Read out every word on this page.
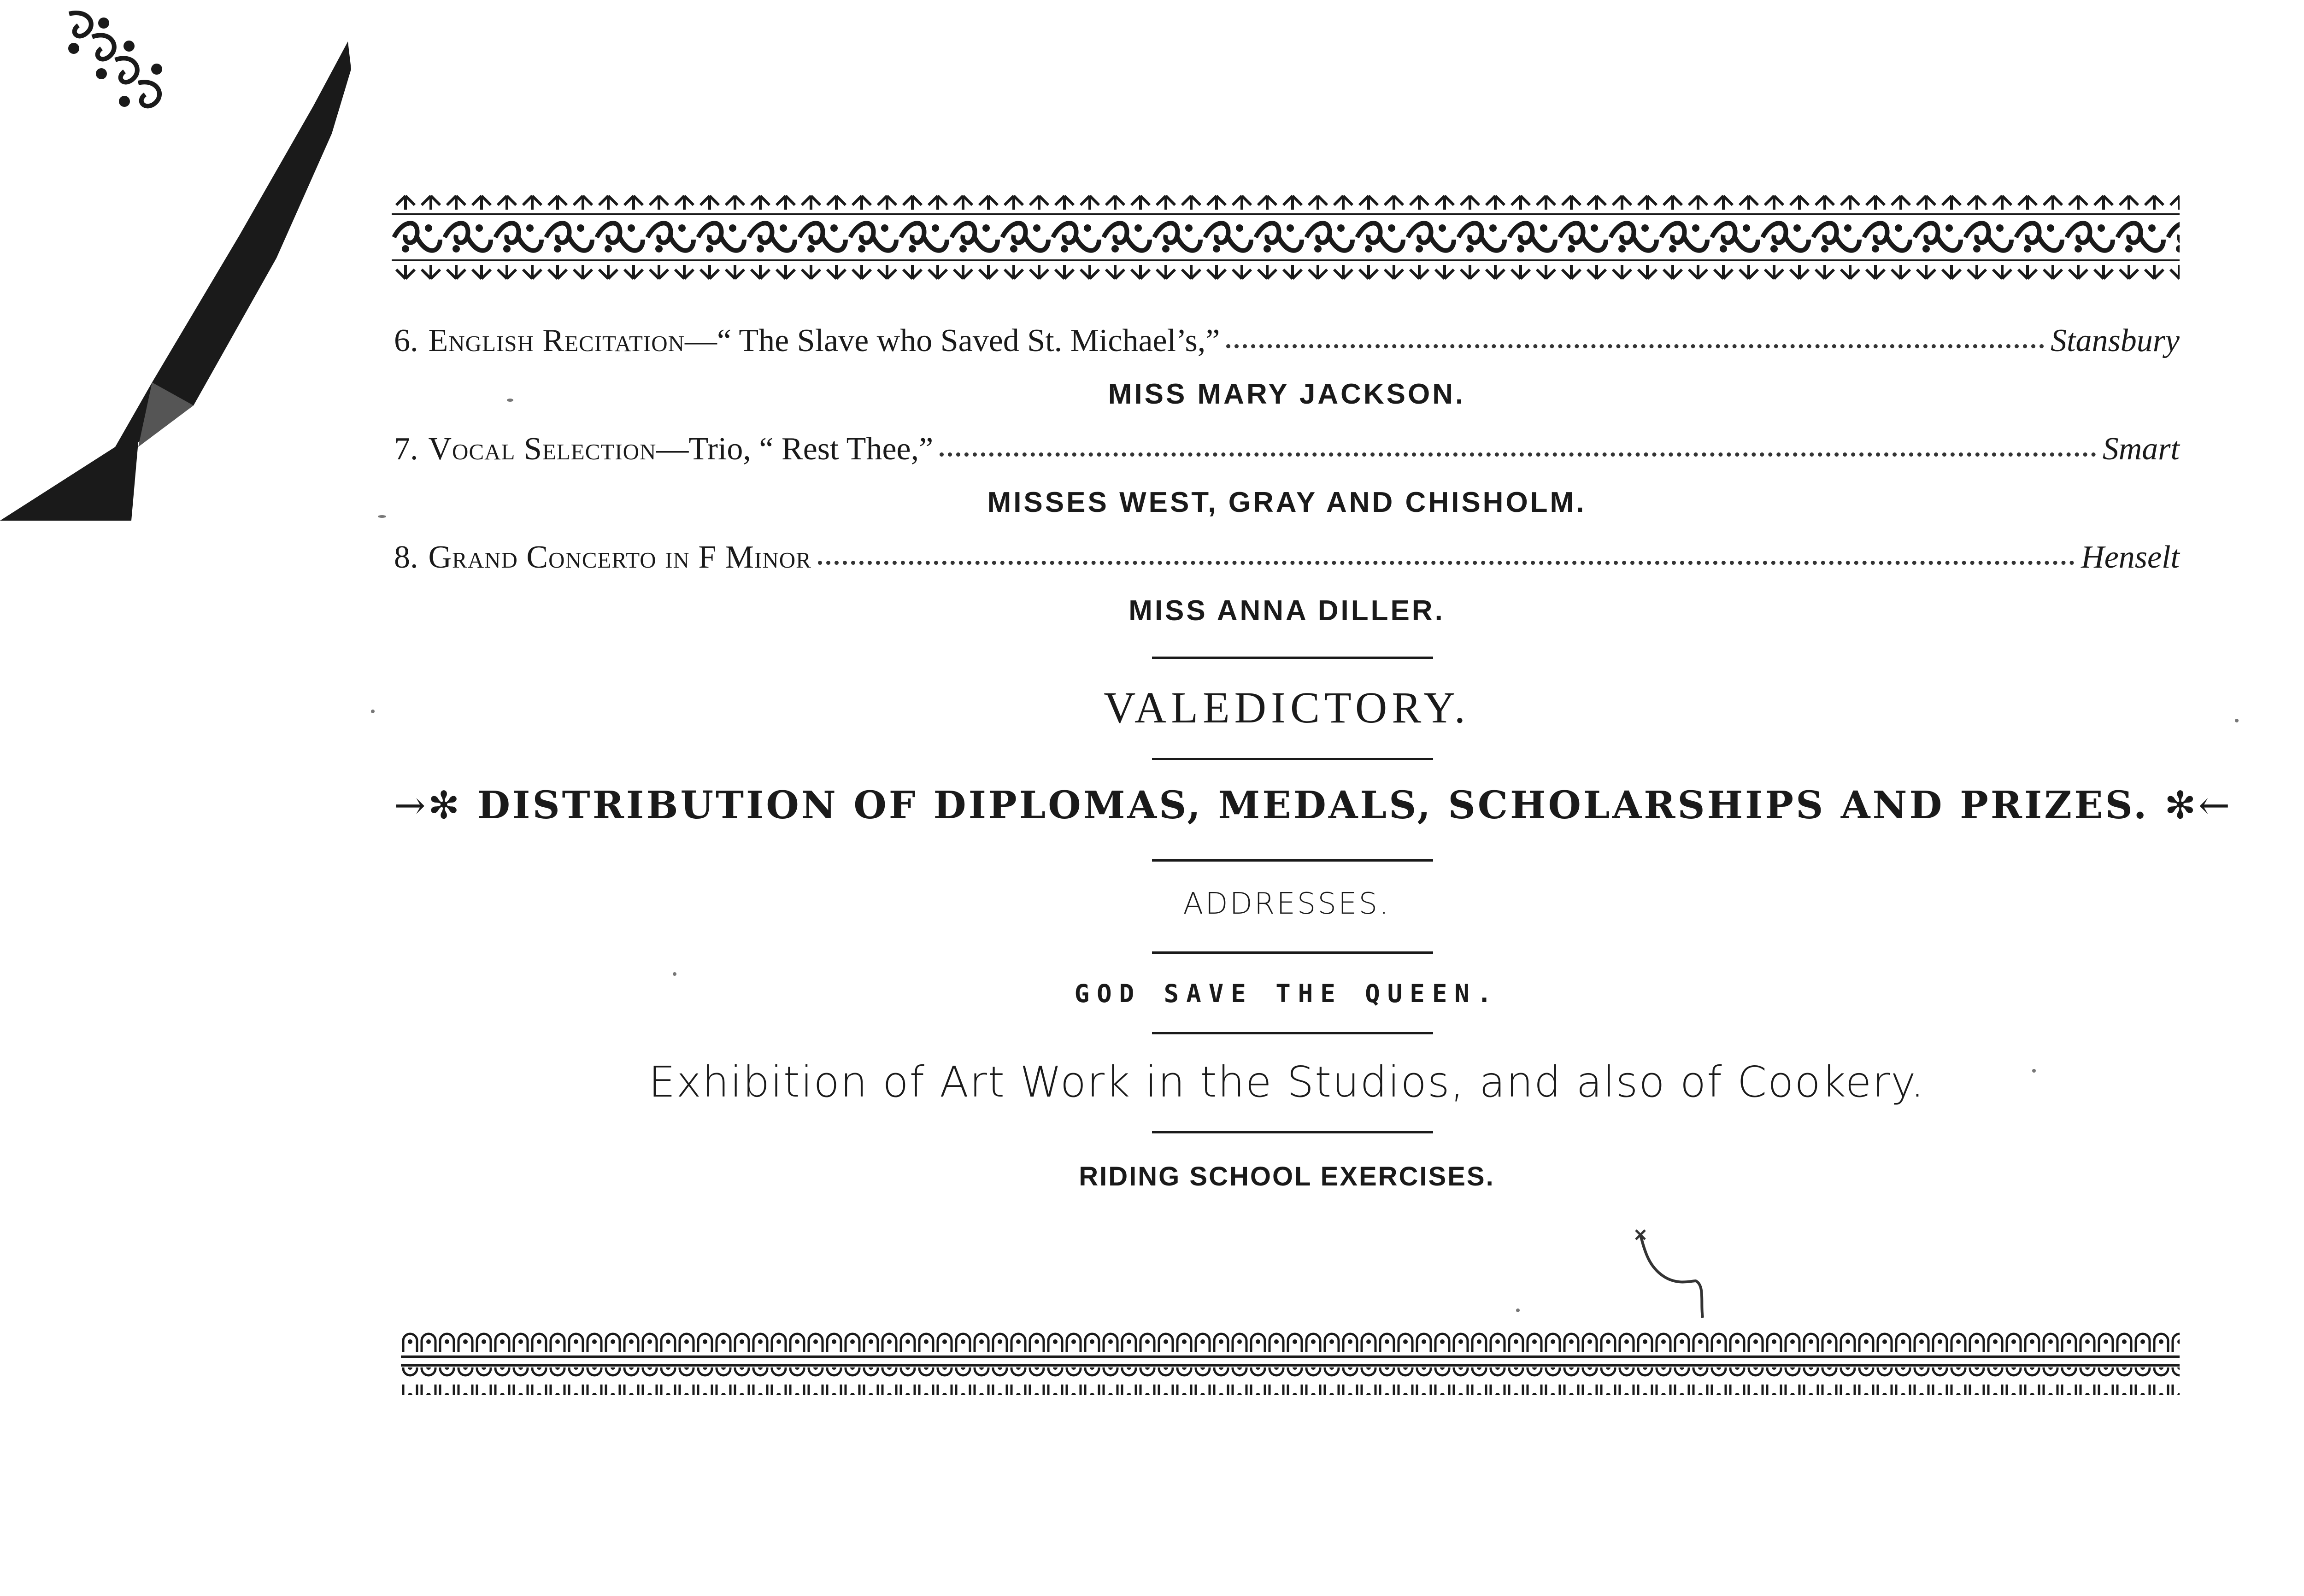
6. English Recitation —“ The Slave who Saved St. Michael’s,”	Stansbury
MISS MARY JACKSON.
7. Vocal Selection —Trio, “ Rest Thee,”	Smart
MISSES WEST, GRAY AND CHISHOLM.
8. Grand Concerto in F Minor	Henselt
MISS ANNA DILLER.
VALEDICTORY.
→✻ DISTRIBUTION OF DIPLOMAS, MEDALS, SCHOLARSHIPS AND PRIZES. ✻←
ADDRESSES.
GOD SAVE THE QUEEN.
Exhibition of Art Work in the Studios, and also of Cookery.
RIDING SCHOOL EXERCISES.
